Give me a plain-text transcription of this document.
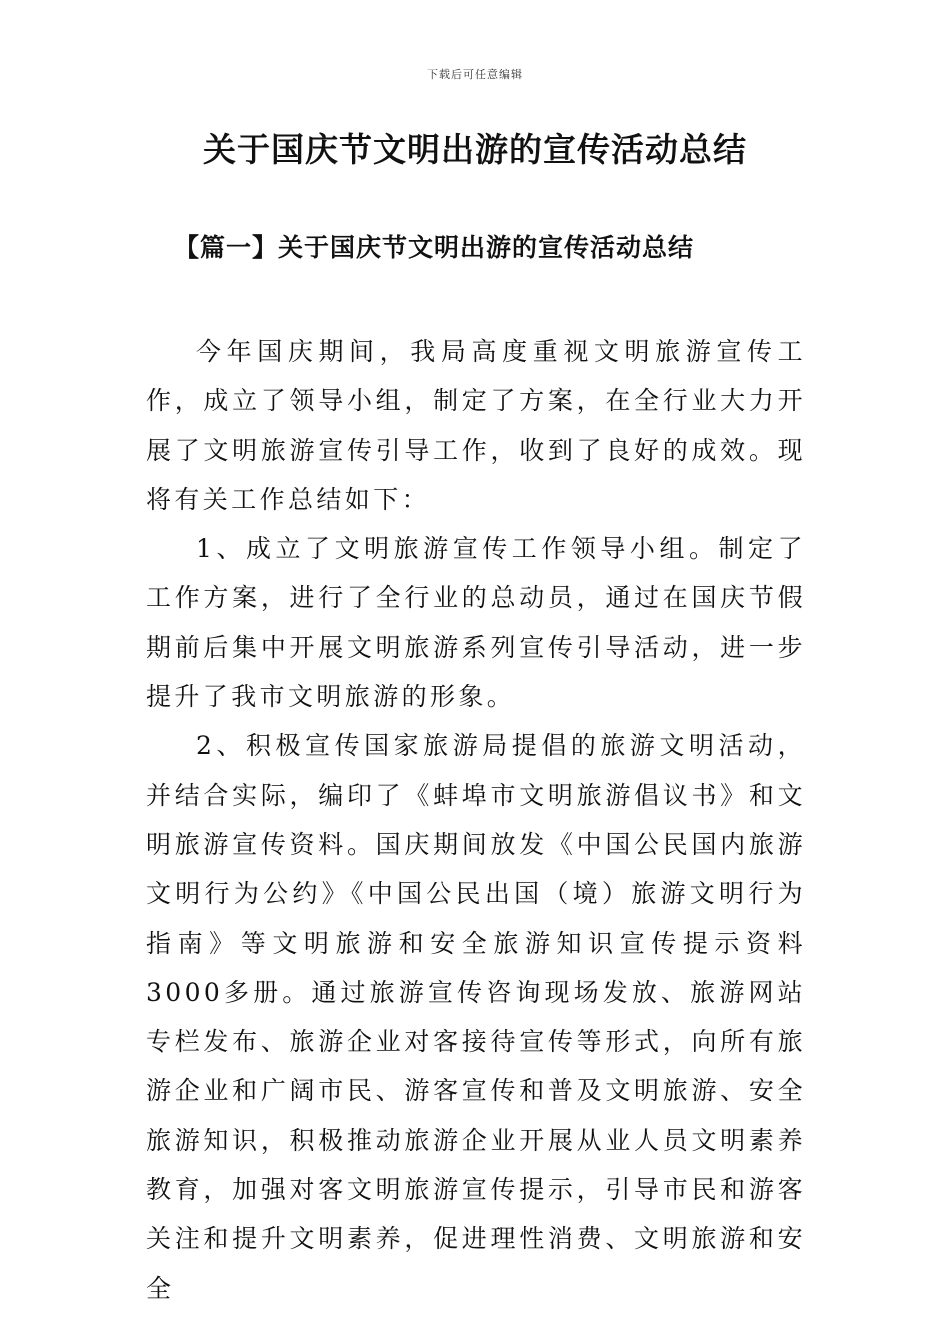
下载后可任意编辑
关于国庆节文明出游的宣传活动总结
【篇一】关于国庆节文明出游的宣传活动总结

今年国庆期间，我局高度重视文明旅游宣传工作，成立了领导小组，制定了方案，在全行业大力开展了文明旅游宣传引导工作，收到了良好的成效。现将有关工作总结如下：

1、成立了文明旅游宣传工作领导小组。制定了工作方案，进行了全行业的总动员，通过在国庆节假期前后集中开展文明旅游系列宣传引导活动，进一步提升了我市文明旅游的形象。

2、积极宣传国家旅游局提倡的旅游文明活动，并结合实际，编印了《蚌埠市文明旅游倡议书》和文明旅游宣传资料。国庆期间放发《中国公民国内旅游文明行为公约》《中国公民出国（境）旅游文明行为指南》等文明旅游和安全旅游知识宣传提示资料3000多册。通过旅游宣传咨询现场发放、旅游网站专栏发布、旅游企业对客接待宣传等形式，向所有旅游企业和广阔市民、游客宣传和普及文明旅游、安全旅游知识，积极推动旅游企业开展从业人员文明素养教育，加强对客文明旅游宣传提示，引导市民和游客关注和提升文明素养，促进理性消费、文明旅游和安全
